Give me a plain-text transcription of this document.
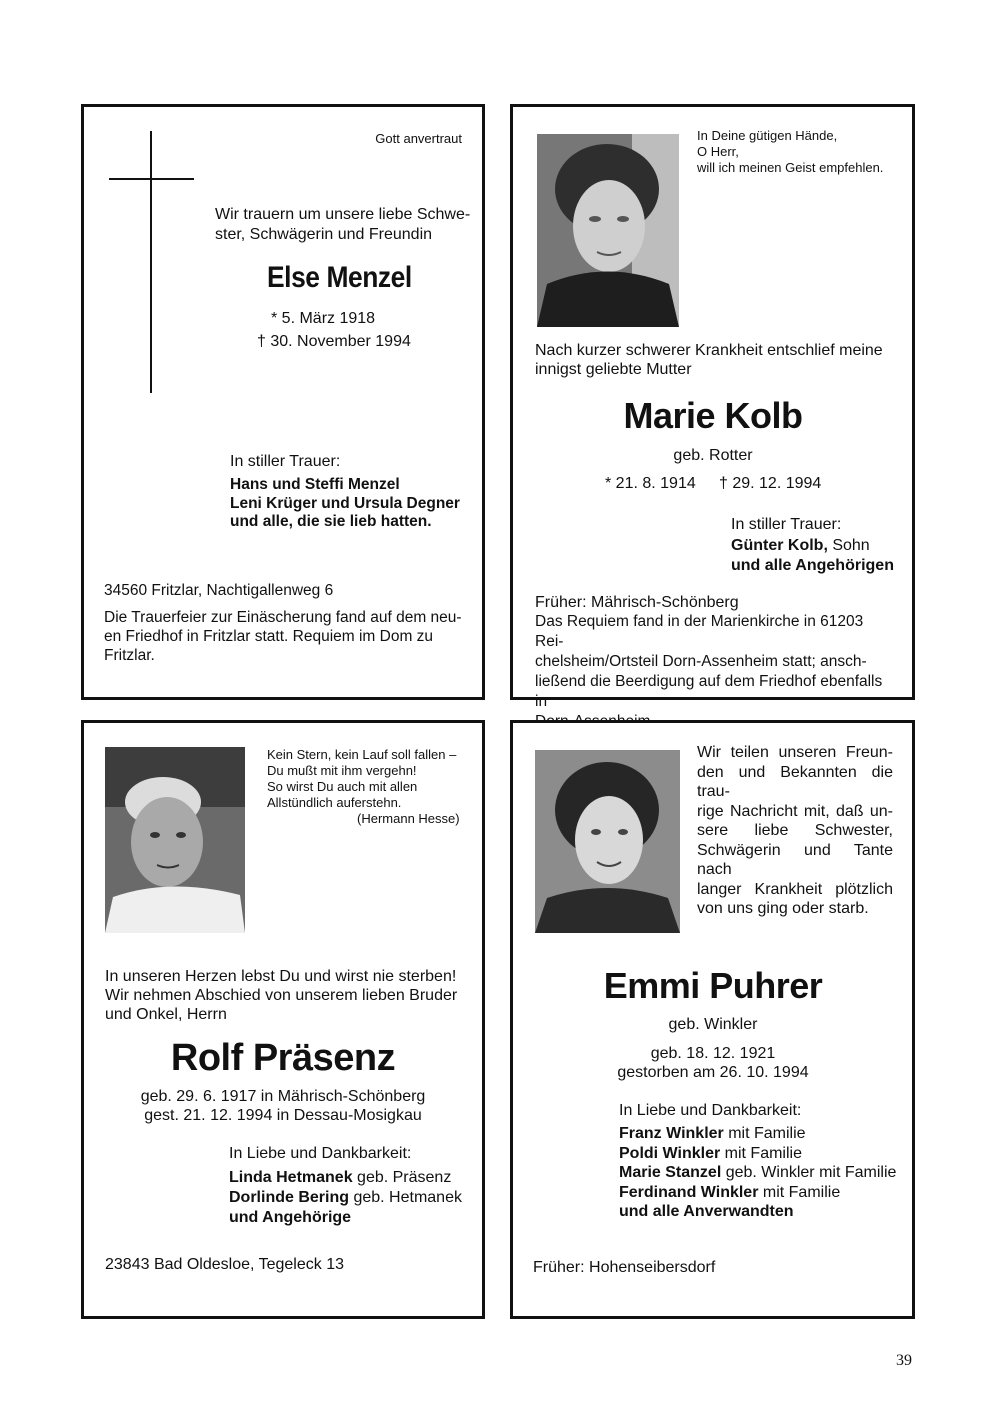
Gott anvertraut
Wir trauern um unsere liebe Schwe-
ster, Schwägerin und Freundin
Else Menzel
* 5. März 1918
† 30. November 1994
In stiller Trauer:
Hans und Steffi Menzel
Leni Krüger und Ursula Degner
und alle, die sie lieb hatten.
34560 Fritzlar, Nachtigallenweg 6
Die Trauerfeier zur Einäscherung fand auf dem neu-
en Friedhof in Fritzlar statt. Requiem im Dom zu
Fritzlar.
In Deine gütigen Hände,
O Herr,
will ich meinen Geist empfehlen.
Nach kurzer schwerer Krankheit entschlief meine
innigst geliebte Mutter
Marie Kolb
geb. Rotter
* 21. 8. 1914 † 29. 12. 1994
In stiller Trauer:
Günter Kolb, Sohn
und alle Angehörigen
Früher: Mährisch-Schönberg
Das Requiem fand in der Marienkirche in 61203 Rei-
chelsheim/Ortsteil Dorn-Assenheim statt; ansch-
ließend die Beerdigung auf dem Friedhof ebenfalls in
Kein Stern, kein Lauf soll fallen –
Du mußt mit ihm vergehn!
So wirst Du auch mit allen
Allstündlich auferstehn.
(Hermann Hesse)
In unseren Herzen lebst Du und wirst nie sterben!
Wir nehmen Abschied von unserem lieben Bruder
und Onkel, Herrn
Rolf Präsenz
geb. 29. 6. 1917 in Mährisch-Schönberg
gest. 21. 12. 1994 in Dessau-Mosigkau
In Liebe und Dankbarkeit:
Linda Hetmanek geb. Präsenz
Dorlinde Bering geb. Hetmanek
und Angehörige
23843 Bad Oldesloe, Tegeleck 13
Wir teilen unseren Freun-
den und Bekannten die trau-
rige Nachricht mit, daß un-
sere liebe Schwester,
Schwägerin und Tante nach
langer Krankheit plötzlich
von uns ging oder starb.
Emmi Puhrer
geb. Winkler
geb. 18. 12. 1921
gestorben am 26. 10. 1994
In Liebe und Dankbarkeit:
Franz Winkler mit Familie
Poldi Winkler mit Familie
Marie Stanzel geb. Winkler mit Familie
Ferdinand Winkler mit Familie
und alle Anverwandten
Früher: Hohenseibersdorf
39
